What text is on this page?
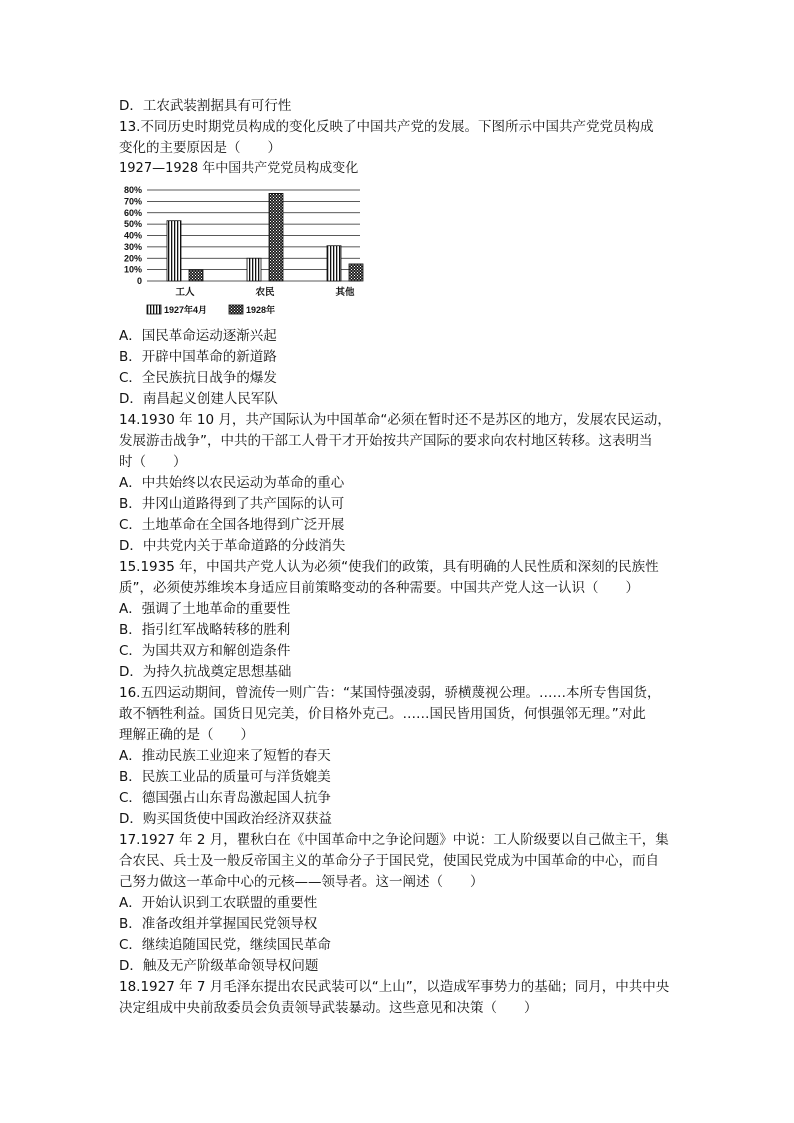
D．工农武装割据具有可行性
13.不同历史时期党员构成的变化反映了中国共产党的发展。下图所示中国共产党党员构成
变化的主要原因是（　　）
1927—1928 年中国共产党党员构成变化
80%
70%
60%
50%
40%
30%
20%
10%
0
工人	农民	其他
1927年4月	1928年
A．国民革命运动逐渐兴起
B．开辟中国革命的新道路
C．全民族抗日战争的爆发
D．南昌起义创建人民军队
14.1930 年 10 月，共产国际认为中国革命“必须在暂时还不是苏区的地方，发展农民运动，
发展游击战争”，中共的干部工人骨干才开始按共产国际的要求向农村地区转移。这表明当
时（　　）
A．中共始终以农民运动为革命的重心
B．井冈山道路得到了共产国际的认可
C．土地革命在全国各地得到广泛开展
D．中共党内关于革命道路的分歧消失
15.1935 年，中国共产党人认为必须“使我们的政策，具有明确的人民性质和深刻的民族性
质”，必须使苏维埃本身适应目前策略变动的各种需要。中国共产党人这一认识（　　）
A．强调了土地革命的重要性
B．指引红军战略转移的胜利
C．为国共双方和解创造条件
D．为持久抗战奠定思想基础
16.五四运动期间，曾流传一则广告：“某国恃强凌弱，骄横蔑视公理。……本所专售国货，
敢不牺牲利益。国货日见完美，价目格外克己。……国民皆用国货，何惧强邻无理。”对此
理解正确的是（　　）
A．推动民族工业迎来了短暂的春天
B．民族工业品的质量可与洋货媲美
C．德国强占山东青岛激起国人抗争
D．购买国货使中国政治经济双获益
17.1927 年 2 月，瞿秋白在《中国革命中之争论问题》中说：工人阶级要以自己做主干，集
合农民、兵士及一般反帝国主义的革命分子于国民党，使国民党成为中国革命的中心，而自
己努力做这一革命中心的元核——领导者。这一阐述（　　）
A．开始认识到工农联盟的重要性
B．准备改组并掌握国民党领导权
C．继续追随国民党，继续国民革命
D．触及无产阶级革命领导权问题
18.1927 年 7 月毛泽东提出农民武装可以“上山”，以造成军事势力的基础；同月，中共中央
决定组成中央前敌委员会负责领导武装暴动。这些意见和决策（　　）
